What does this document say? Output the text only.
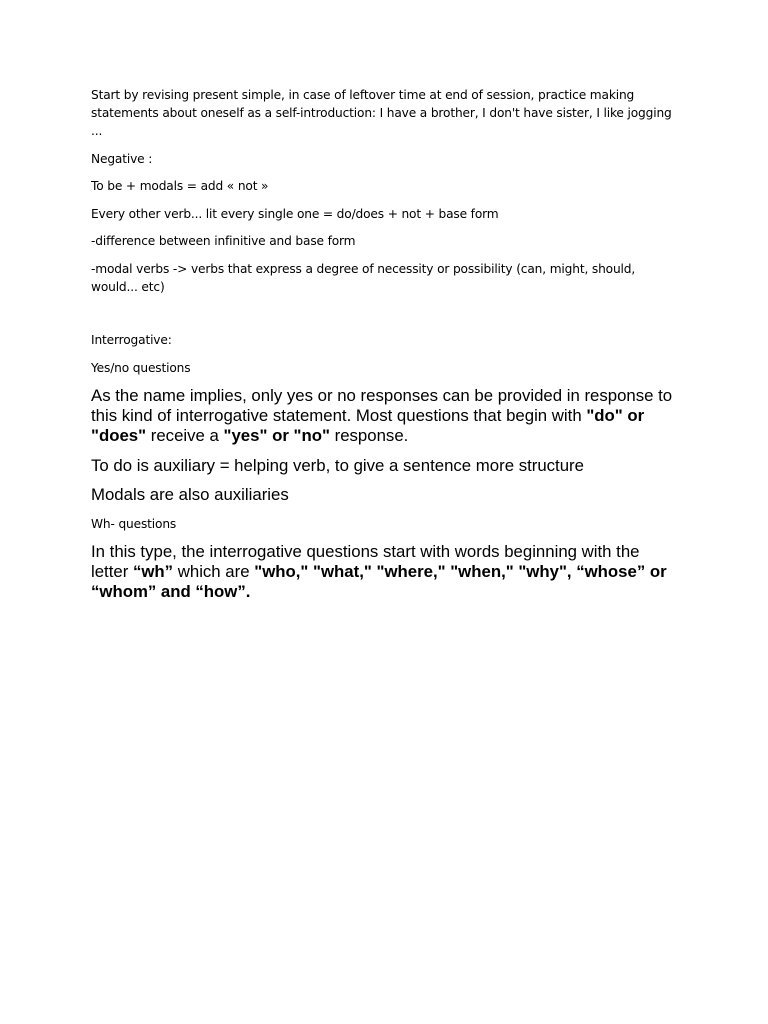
Start by revising present simple, in case of leftover time at end of session, practice making statements about oneself as a self-introduction: I have a brother, I don't have sister, I like jogging ...

Negative :

To be + modals = add « not »

Every other verb... lit every single one = do/does + not + base form

-difference between infinitive and base form

-modal verbs -> verbs that express a degree of necessity or possibility (can, might, should, would... etc)

Interrogative:

Yes/no questions

As the name implies, only yes or no responses can be provided in response to this kind of interrogative statement. Most questions that begin with "do" or "does" receive a "yes" or "no" response.

To do is auxiliary = helping verb, to give a sentence more structure

Modals are also auxiliaries

Wh- questions

In this type, the interrogative questions start with words beginning with the letter “wh” which are "who," "what," "where," "when," "why", “whose” or “whom” and “how”.
